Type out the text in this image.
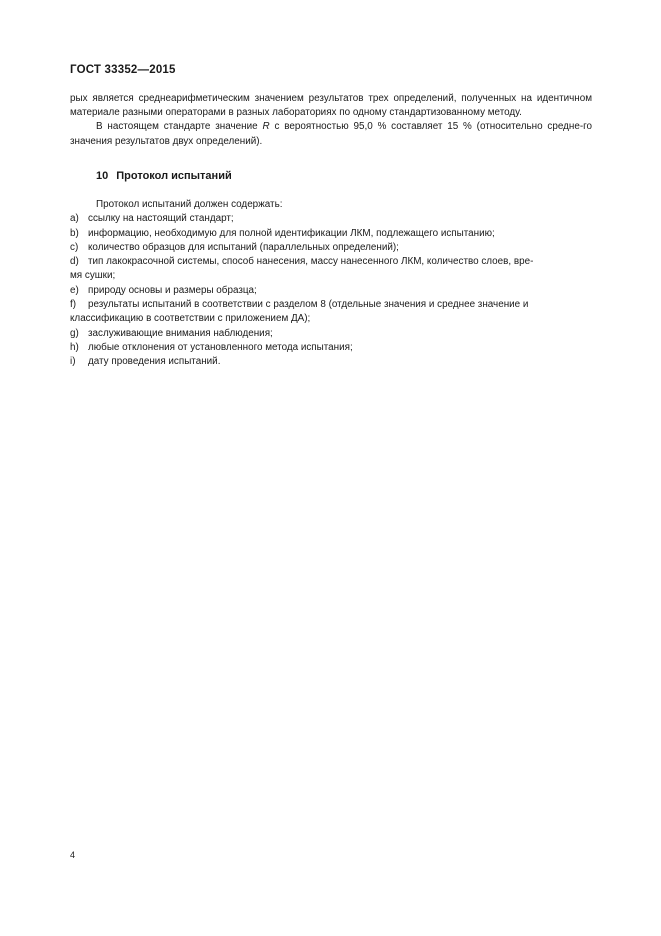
ГОСТ 33352—2015

рых является среднеарифметическим значением результатов трех определений, полученных на идентичном материале разными операторами в разных лабораториях по одному стандартизованному методу.

В настоящем стандарте значение R с вероятностью 95,0 % составляет 15 % (относительно средне-го значения результатов двух определений).

10 Протокол испытаний

Протокол испытаний должен содержать:

a) ссылку на настоящий стандарт;
b) информацию, необходимую для полной идентификации ЛКМ, подлежащего испытанию;
c) количество образцов для испытаний (параллельных определений);
d) тип лакокрасочной системы, способ нанесения, массу нанесенного ЛКМ, количество слоев, вре-
мя сушки;
e) природу основы и размеры образца;
f) результаты испытаний в соответствии с разделом 8 (отдельные значения и среднее значение и
классификацию в соответствии с приложением ДА);
g) заслуживающие внимания наблюдения;
h) любые отклонения от установленного метода испытания;
i) дату проведения испытаний.
4
